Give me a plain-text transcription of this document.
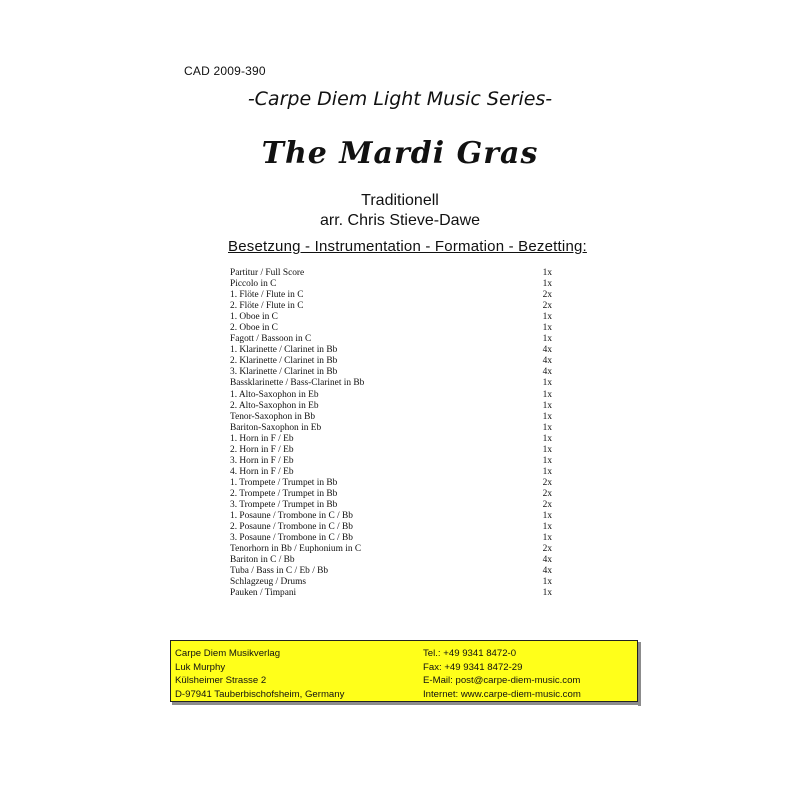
CAD 2009-390
-Carpe Diem Light Music Series-
The Mardi Gras
Traditionell
arr. Chris Stieve-Dawe
Besetzung - Instrumentation - Formation - Bezetting:
Partitur / Full Score	1x
Piccolo in C	1x
1. Flöte / Flute in C	2x
2. Flöte / Flute in C	2x
1. Oboe in C	1x
2. Oboe in C	1x
Fagott / Bassoon in C	1x
1. Klarinette / Clarinet in Bb	4x
2. Klarinette / Clarinet in Bb	4x
3. Klarinette / Clarinet in Bb	4x
Bassklarinette / Bass-Clarinet in Bb	1x
1. Alto-Saxophon in Eb	1x
2. Alto-Saxophon in Eb	1x
Tenor-Saxophon in Bb	1x
Bariton-Saxophon in Eb	1x
1. Horn in F / Eb	1x
2. Horn in F / Eb	1x
3. Horn in F / Eb	1x
4. Horn in F / Eb	1x
1. Trompete / Trumpet in Bb	2x
2. Trompete / Trumpet in Bb	2x
3. Trompete / Trumpet in Bb	2x
1. Posaune / Trombone in C / Bb	1x
2. Posaune / Trombone in C / Bb	1x
3. Posaune / Trombone in C / Bb	1x
Tenorhorn in Bb / Euphonium in C	2x
Bariton in C / Bb	4x
Tuba / Bass in C / Eb / Bb	4x
Schlagzeug / Drums	1x
Pauken / Timpani	1x
Carpe Diem Musikverlag
Luk Murphy
Külsheimer Strasse 2
D-97941 Tauberbischofsheim, Germany
Tel.: +49 9341 8472-0
Fax: +49 9341 8472-29
E-Mail: post@carpe-diem-music.com
Internet: www.carpe-diem-music.com
